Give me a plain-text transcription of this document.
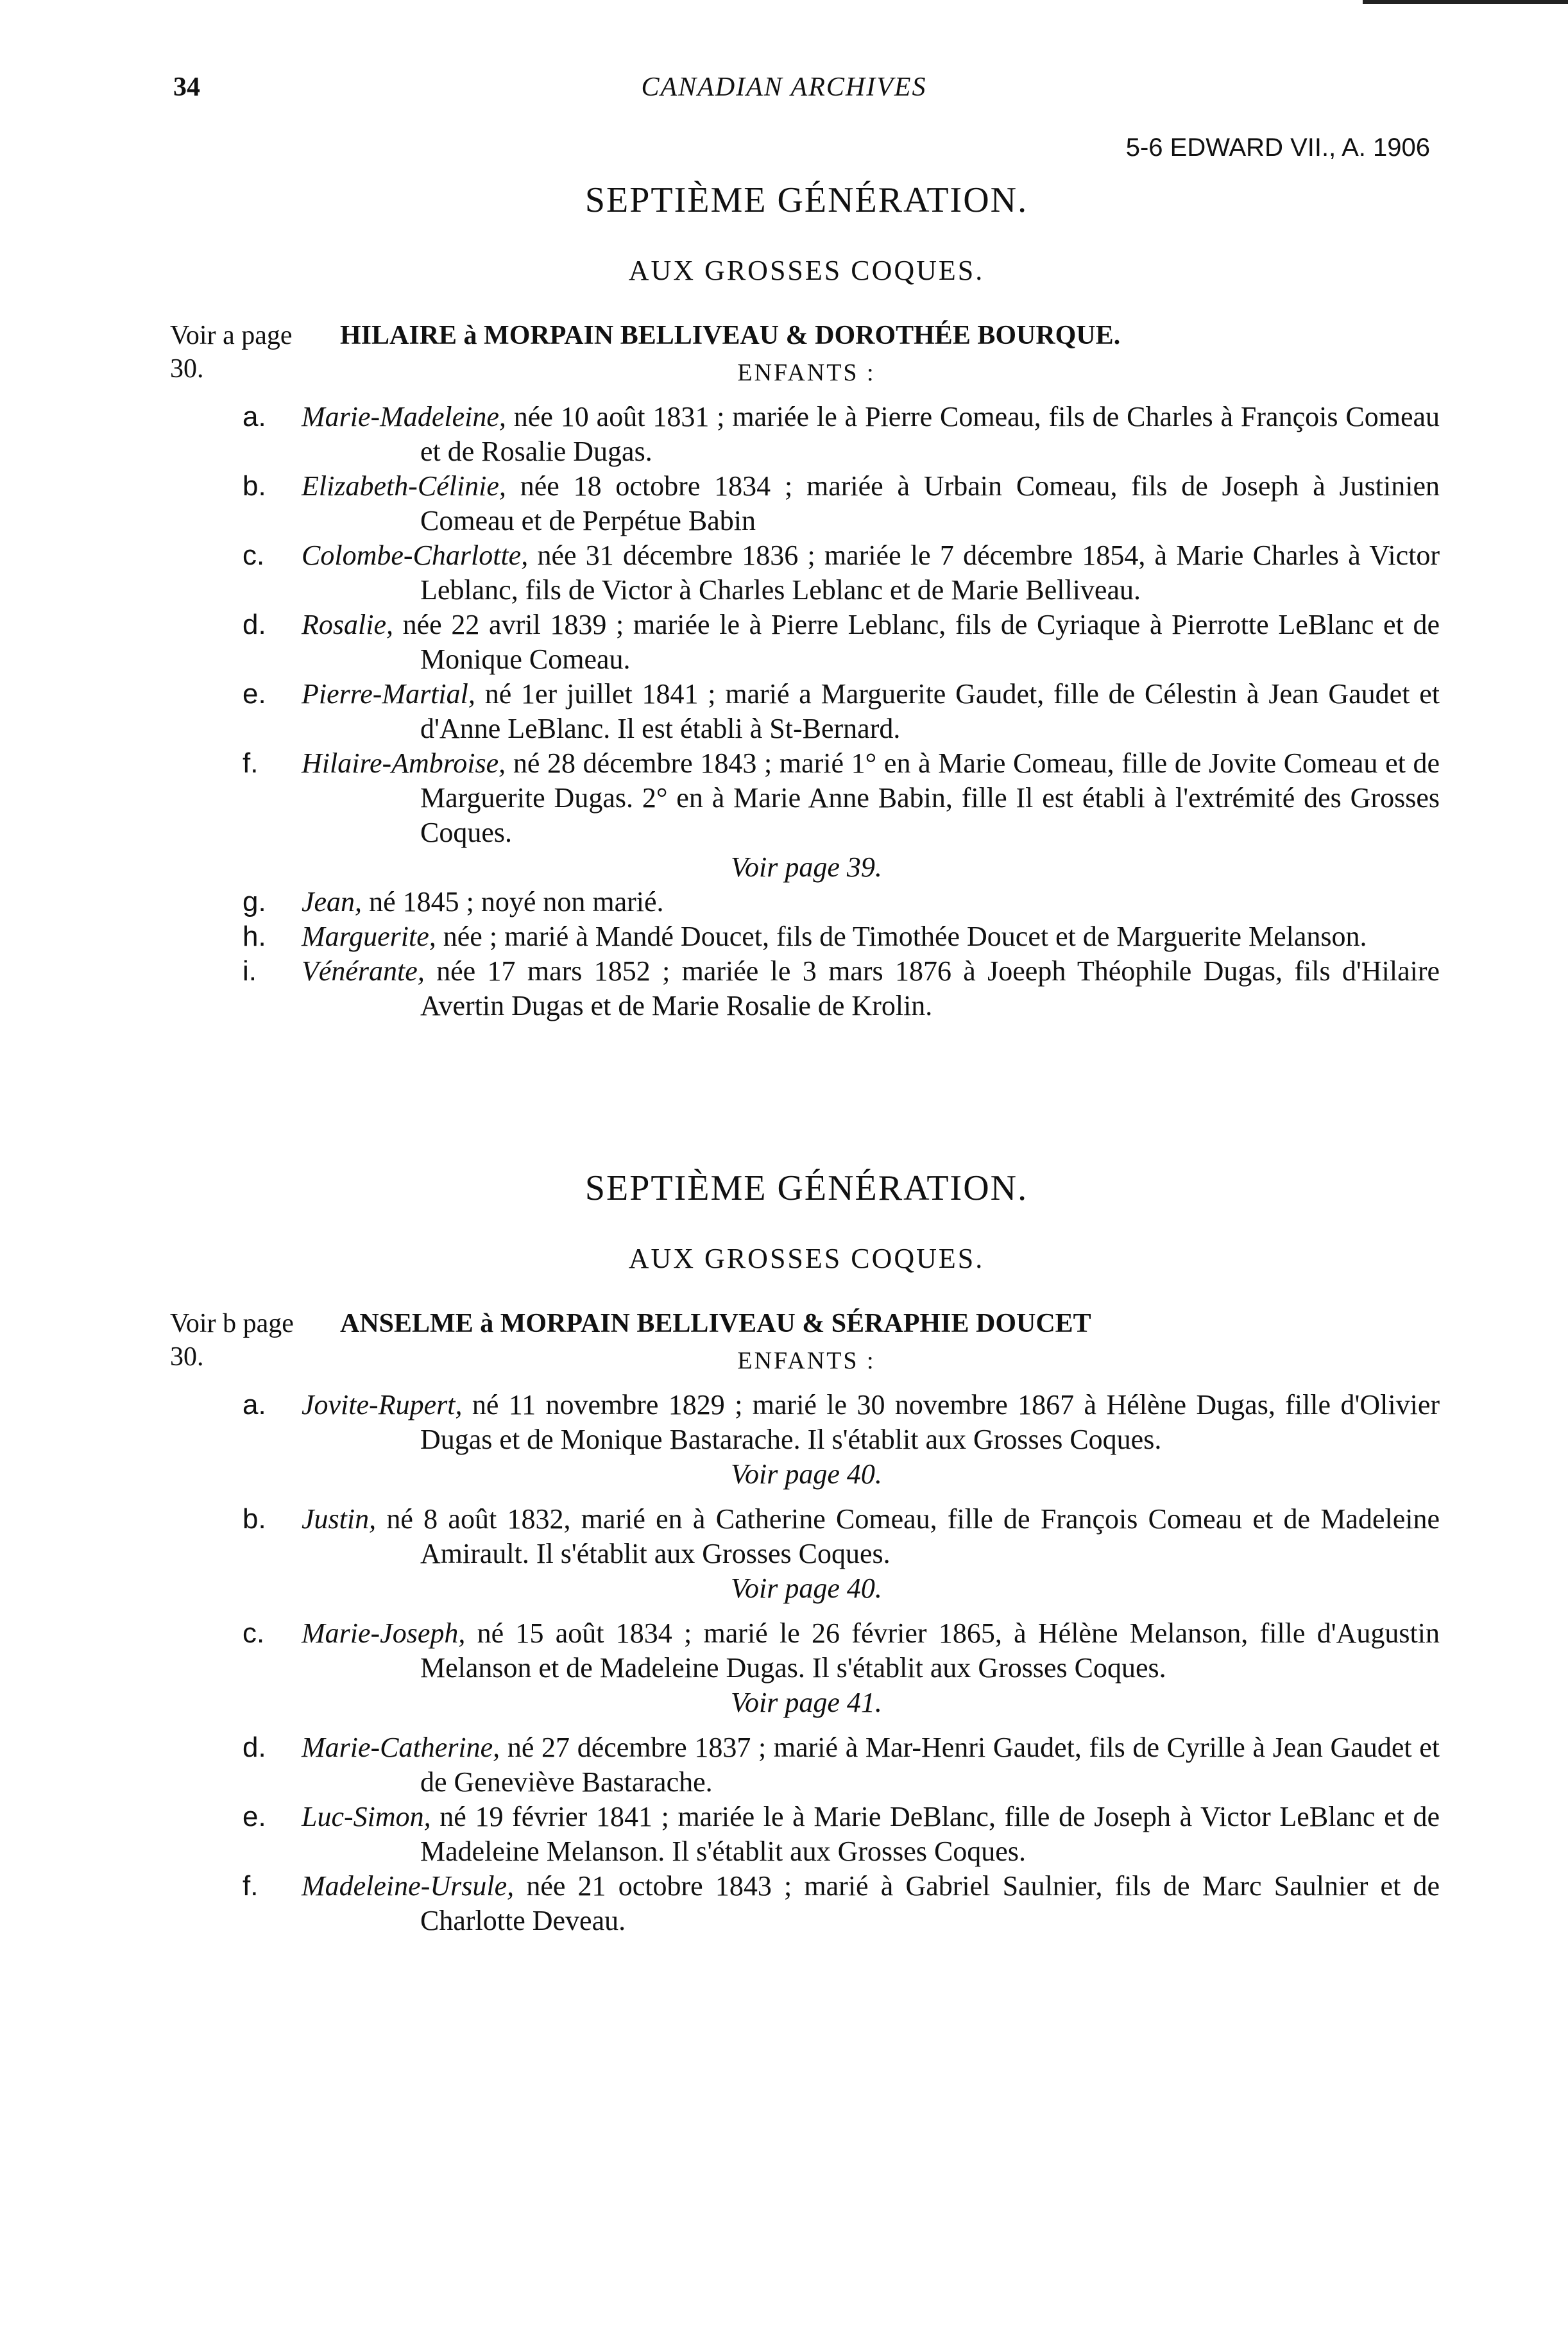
34	CANADIAN ARCHIVES
5-6 EDWARD VII., A. 1906
SEPTIÈME GÉNÉRATION.
AUX GROSSES COQUES.
Voir a page 30.
HILAIRE à MORPAIN BELLIVEAU & DOROTHÉE BOURQUE.
ENFANTS :
a. Marie-Madeleine, née 10 août 1831 ; mariée le à Pierre Comeau, fils de Charles à François Comeau et de Rosalie Dugas.
b. Elizabeth-Célinie, née 18 octobre 1834 ; mariée à Urbain Comeau, fils de Joseph à Justinien Comeau et de Perpétue Babin
c. Colombe-Charlotte, née 31 décembre 1836 ; mariée le 7 décembre 1854, à Marie Charles à Victor Leblanc, fils de Victor à Charles Leblanc et de Marie Belliveau.
d. Rosalie, née 22 avril 1839 ; mariée le à Pierre Leblanc, fils de Cyriaque à Pierrotte LeBlanc et de Monique Comeau.
e. Pierre-Martial, né 1er juillet 1841 ; marié a Marguerite Gaudet, fille de Célestin à Jean Gaudet et d'Anne LeBlanc. Il est établi à St-Bernard.
f. Hilaire-Ambroise, né 28 décembre 1843 ; marié 1° en à Marie Comeau, fille de Jovite Comeau et de Marguerite Dugas. 2° en à Marie Anne Babin, fille Il est établi à l'extrémité des Grosses Coques.
Voir page 39.
g. Jean, né 1845 ; noyé non marié.
h. Marguerite, née ; marié à Mandé Doucet, fils de Timothée Doucet et de Marguerite Melanson.
i. Vénérante, née 17 mars 1852 ; mariée le 3 mars 1876 à Joeeph Théophile Dugas, fils d'Hilaire Avertin Dugas et de Marie Rosalie de Krolin.
SEPTIÈME GÉNÉRATION.
AUX GROSSES COQUES.
Voir b page 30.
ANSELME à MORPAIN BELLIVEAU & SÉRAPHIE DOUCET
ENFANTS :
a. Jovite-Rupert, né 11 novembre 1829 ; marié le 30 novembre 1867 à Hélène Dugas, fille d'Olivier Dugas et de Monique Bastarache. Il s'établit aux Grosses Coques.
Voir page 40.
b. Justin, né 8 août 1832, marié en à Catherine Comeau, fille de François Comeau et de Madeleine Amirault. Il s'établit aux Grosses Coques.
Voir page 40.
c. Marie-Joseph, né 15 août 1834 ; marié le 26 février 1865, à Hélène Melanson, fille d'Augustin Melanson et de Madeleine Dugas. Il s'établit aux Grosses Coques.
Voir page 41.
d. Marie-Catherine, né 27 décembre 1837 ; marié à Mar-Henri Gaudet, fils de Cyrille à Jean Gaudet et de Geneviève Bastarache.
e. Luc-Simon, né 19 février 1841 ; mariée le à Marie DeBlanc, fille de Joseph à Victor LeBlanc et de Madeleine Melanson. Il s'établit aux Grosses Coques.
f. Madeleine-Ursule, née 21 octobre 1843 ; marié à Gabriel Saulnier, fils de Marc Saulnier et de Charlotte Deveau.
